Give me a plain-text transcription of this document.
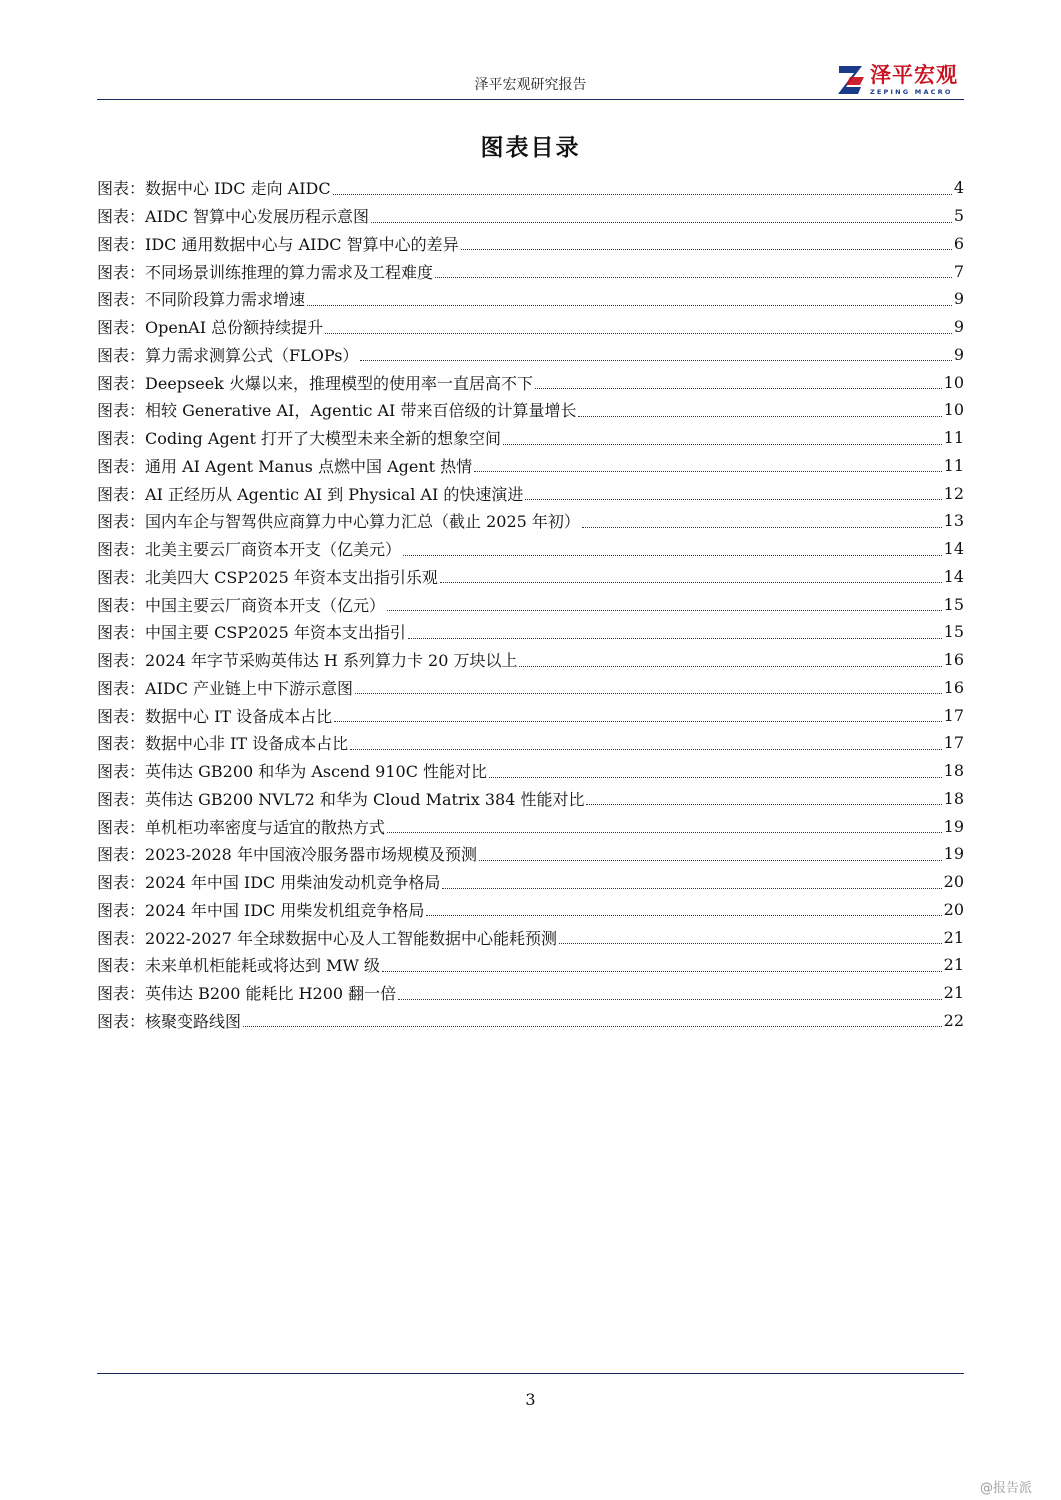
泽平宏观研究报告	泽平宏观
ZEPING MACRO
图表目录
图表： 数据中心 IDC 走向 AIDC	4
图表： AIDC 智算中心发展历程示意图	5
图表： IDC 通用数据中心与 AIDC 智算中心的差异	6
图表： 不同场景训练推理的算力需求及工程难度	7
图表： 不同阶段算力需求增速	9
图表： OpenAI 总份额持续提升	9
图表： 算力需求测算公式（FLOPs）	9
图表： Deepseek 火爆以来，推理模型的使用率一直居高不下	10
图表： 相较 Generative AI，Agentic AI 带来百倍级的计算量增长	10
图表： Coding Agent 打开了大模型未来全新的想象空间	11
图表： 通用 AI Agent Manus 点燃中国 Agent 热情	11
图表： AI 正经历从 Agentic AI 到 Physical AI 的快速演进	12
图表： 国内车企与智驾供应商算力中心算力汇总（截止 2025 年初）	13
图表： 北美主要云厂商资本开支（亿美元）	14
图表： 北美四大 CSP2025 年资本支出指引乐观	14
图表： 中国主要云厂商资本开支（亿元）	15
图表： 中国主要 CSP2025 年资本支出指引	15
图表： 2024 年字节采购英伟达 H 系列算力卡 20 万块以上	16
图表： AIDC 产业链上中下游示意图	16
图表： 数据中心 IT 设备成本占比	17
图表： 数据中心非 IT 设备成本占比	17
图表： 英伟达 GB200 和华为 Ascend 910C 性能对比	18
图表： 英伟达 GB200 NVL72 和华为 Cloud Matrix 384 性能对比	18
图表： 单机柜功率密度与适宜的散热方式	19
图表： 2023-2028 年中国液冷服务器市场规模及预测	19
图表： 2024 年中国 IDC 用柴油发动机竞争格局	20
图表： 2024 年中国 IDC 用柴发机组竞争格局	20
图表： 2022-2027 年全球数据中心及人工智能数据中心能耗预测	21
图表： 未来单机柜能耗或将达到 MW 级	21
图表： 英伟达 B200 能耗比 H200 翻一倍	21
图表： 核聚变路线图	22
3
@报告派
